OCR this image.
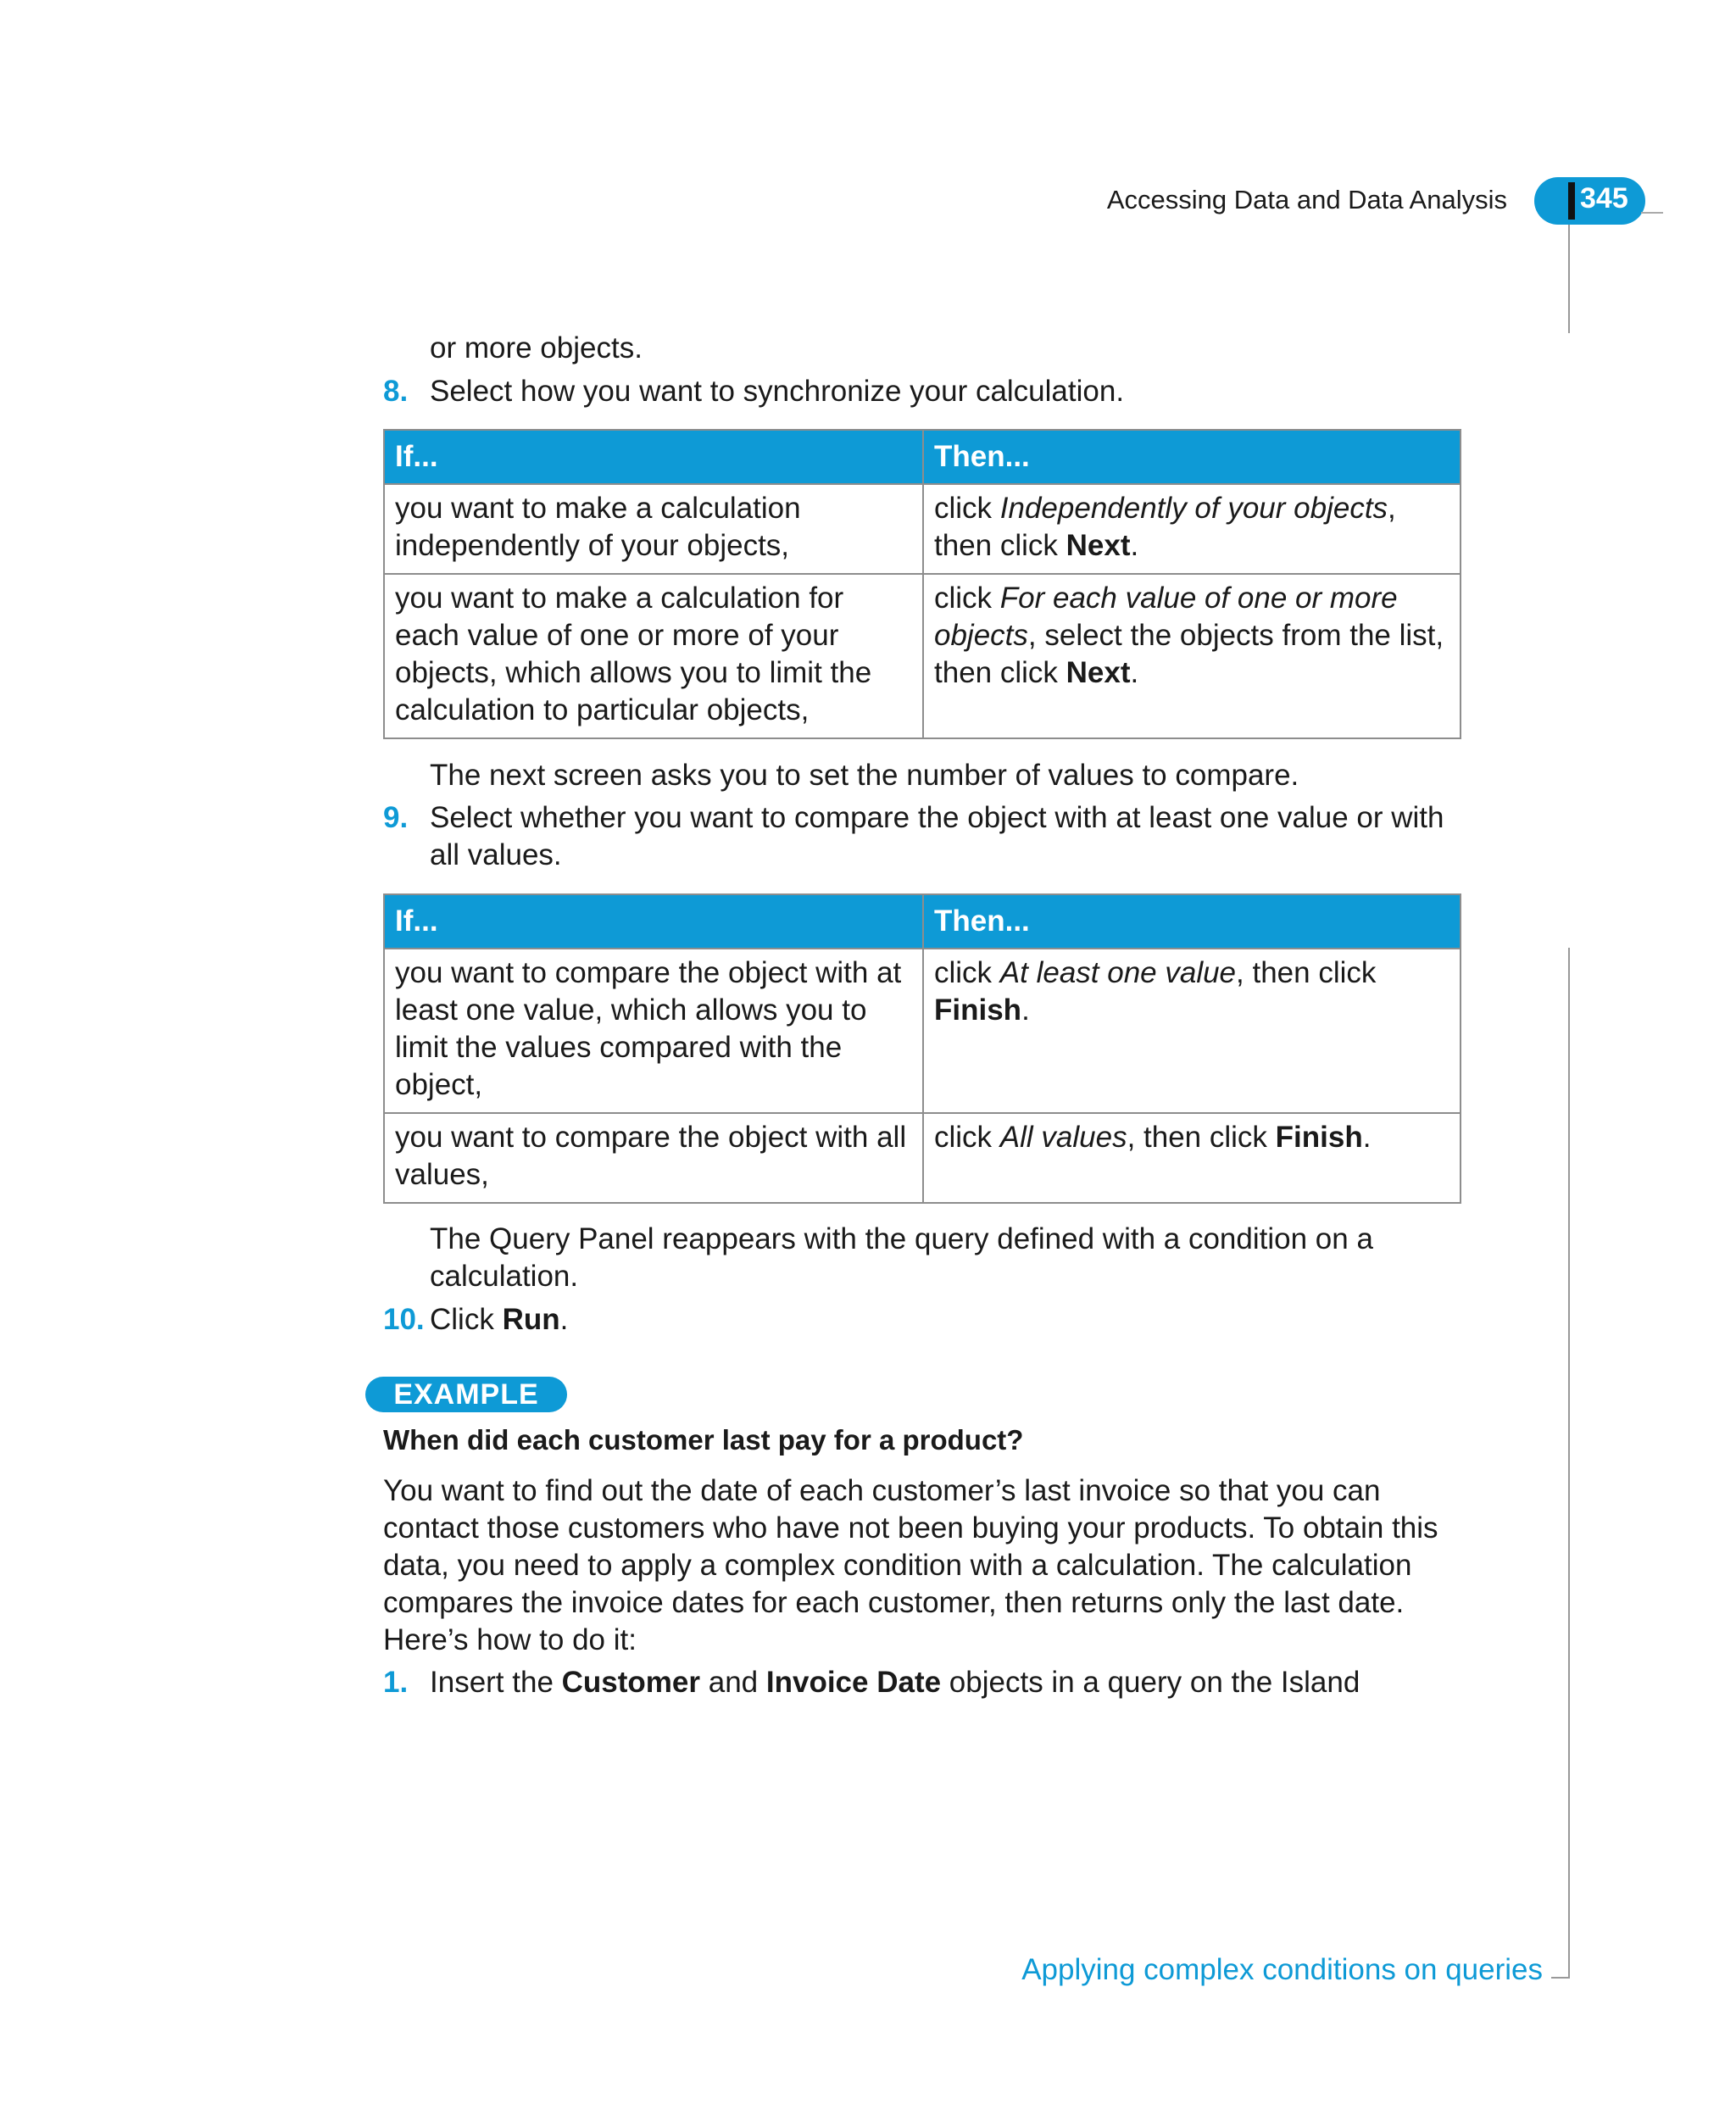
Accessing Data and Data Analysis	345
or more objects.
8. Select how you want to synchronize your calculation.
If...	Then...
you want to make a calculation independently of your objects,	click Independently of your objects, then click Next.
you want to make a calculation for each value of one or more of your objects, which allows you to limit the calculation to particular objects,	click For each value of one or more objects, select the objects from the list, then click Next.
The next screen asks you to set the number of values to compare.
9. Select whether you want to compare the object with at least one value or with all values.
If...	Then...
you want to compare the object with at least one value, which allows you to limit the values compared with the object,	click At least one value, then click Finish.
you want to compare the object with all values,	click All values, then click Finish.
The Query Panel reappears with the query defined with a condition on a calculation.
10. Click Run.
EXAMPLE
When did each customer last pay for a product?
You want to find out the date of each customer’s last invoice so that you can contact those customers who have not been buying your products. To obtain this data, you need to apply a complex condition with a calculation. The calculation compares the invoice dates for each customer, then returns only the last date. Here’s how to do it:
1. Insert the Customer and Invoice Date objects in a query on the Island
Applying complex conditions on queries
